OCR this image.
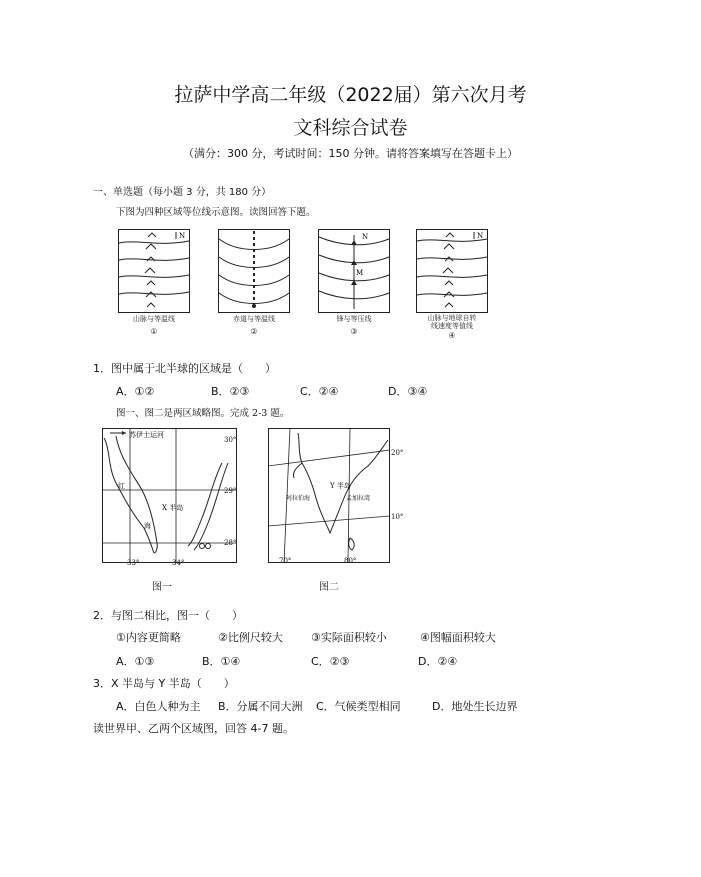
拉萨中学高二年级（2022届）第六次月考
文科综合试卷
（满分：300 分，考试时间：150 分钟。请将答案填写在答题卡上）
一、单选题（每小题 3 分，共 180 分）
下图为四种区域等位线示意图。读图回答下题。
N
山脉与等温线
①
赤道与等温线
②
N
M
锋与等压线
③
N
山脉与地球自转
线速度等值线
④
1．图中属于北半球的区域是（　　）
A．①②	B．②③	C．②④	D．③④
图一、图二是两区域略图。完成 2-3 题。
苏伊士运河
红
海
X 半岛
30°
29°
28°
33°	34°
图一
Y 半岛
阿拉伯海	孟加拉湾
20°
10°
70°	80°
图二
2．与图二相比，图一（　　）
①内容更简略	②比例尺较大	③实际面积较小	④图幅面积较大
A．①③	B．①④	C．②③	D．②④
3．X 半岛与 Y 半岛（　　）
A．白色人种为主 B．分属不同大洲 C．气候类型相同	D．地处生长边界
读世界甲、乙两个区域图，回答 4-7 题。
